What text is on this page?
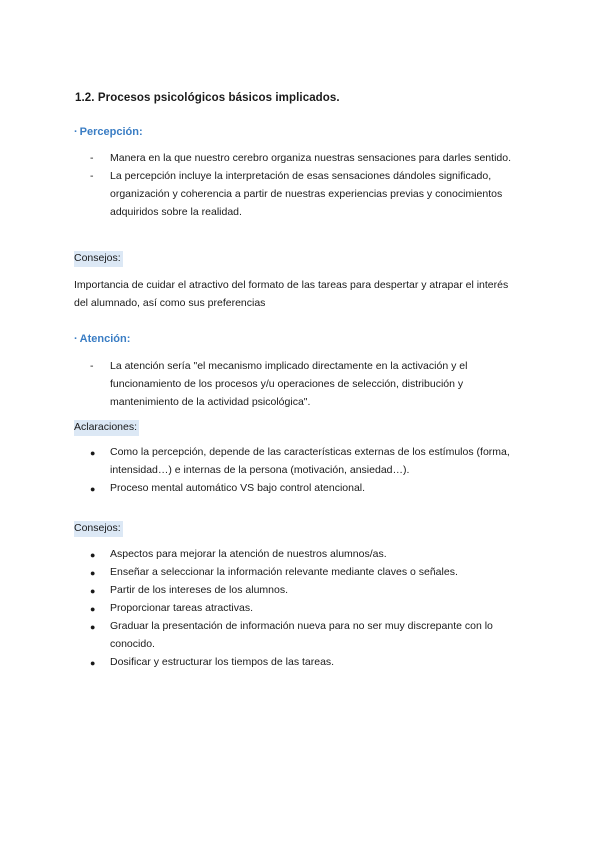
1.2. Procesos psicológicos básicos implicados.
· Percepción:
- Manera en la que nuestro cerebro organiza nuestras sensaciones para darles sentido.
- La percepción incluye la interpretación de esas sensaciones dándoles significado, organización y coherencia a partir de nuestras experiencias previas y conocimientos adquiridos sobre la realidad.
Consejos:
Importancia de cuidar el atractivo del formato de las tareas para despertar y atrapar el interés del alumnado, así como sus preferencias
· Atención:
- La atención sería "el mecanismo implicado directamente en la activación y el funcionamiento de los procesos y/u operaciones de selección, distribución y mantenimiento de la actividad psicológica".
Aclaraciones:
● Como la percepción, depende de las características externas de los estímulos (forma, intensidad…) e internas de la persona (motivación, ansiedad…).
● Proceso mental automático VS bajo control atencional.
Consejos:
● Aspectos para mejorar la atención de nuestros alumnos/as.
● Enseñar a seleccionar la información relevante mediante claves o señales.
● Partir de los intereses de los alumnos.
● Proporcionar tareas atractivas.
● Graduar la presentación de información nueva para no ser muy discrepante con lo conocido.
● Dosificar y estructurar los tiempos de las tareas.
